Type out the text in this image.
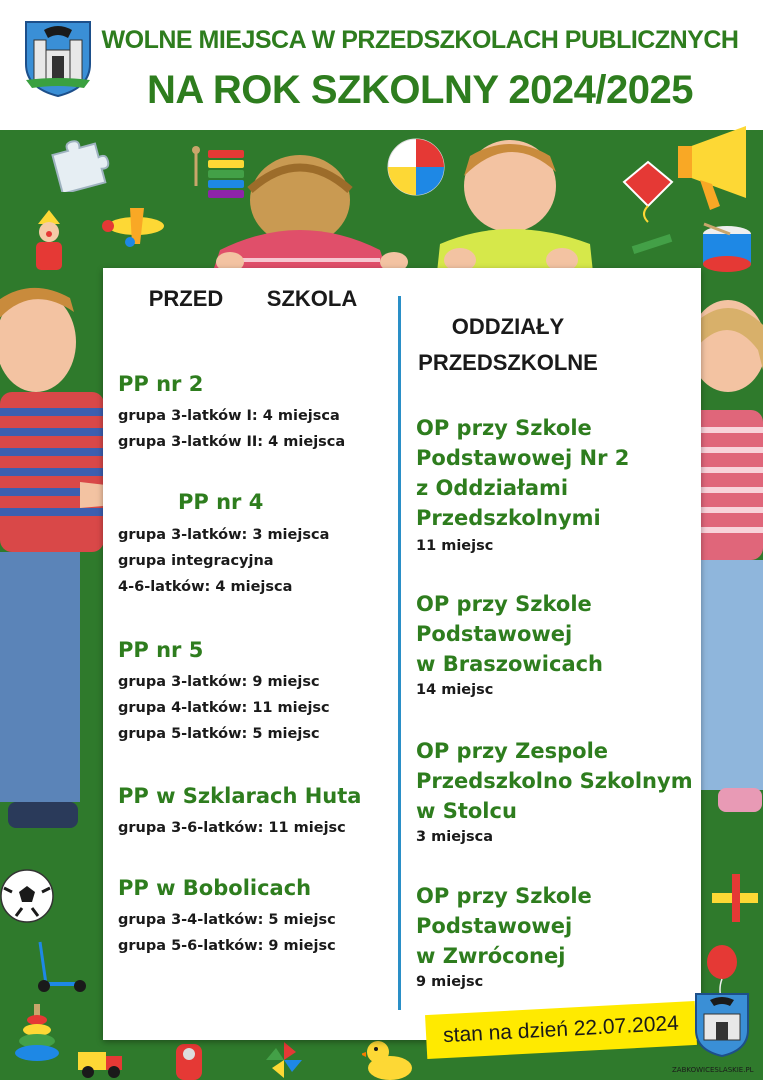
WOLNE MIEJSCA W PRZEDSZKOLACH PUBLICZNYCH
NA ROK SZKOLNY 2024/2025
PRZED	SZKOLA
PP nr 2
grupa 3-latków I: 4 miejsca
grupa 3-latków II: 4 miejsca
PP nr 4
grupa 3-latków: 3 miejsca
grupa integracyjna
4-6-latków: 4 miejsca
PP nr 5
grupa 3-latków: 9 miejsc
grupa 4-latków: 11 miejsc
grupa 5-latków: 5 miejsc
PP w Szklarach Huta
grupa 3-6-latków: 11 miejsc
PP w Bobolicach
grupa 3-4-latków: 5 miejsc
grupa 5-6-latków: 9 miejsc
ODDZIAŁY
PRZEDSZKOLNE
OP przy Szkole
Podstawowej Nr 2
z Oddziałami
Przedszkolnymi
11 miejsc
OP przy Szkole
Podstawowej
w Braszowicach
14 miejsc
OP przy Zespole
Przedszkolno Szkolnym
w Stolcu
3 miejsca
OP przy Szkole
Podstawowej
w Zwróconej
9 miejsc
stan na dzień 22.07.2024
ZABKOWICESLASKIE.PL
